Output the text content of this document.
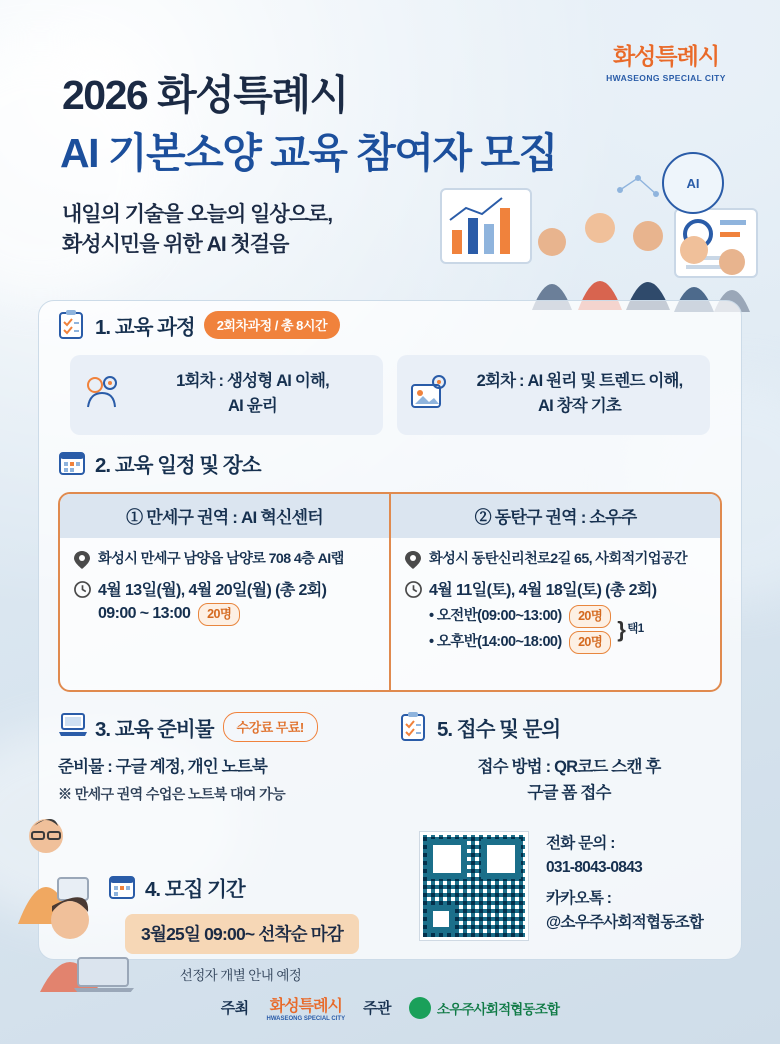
화성특례시
HWASEONG SPECIAL CITY
2026 화성특례시
AI 기본소양 교육 참여자 모집
내일의 기술을 오늘의 일상으로,
화성시민을 위한 AI 첫걸음
AI
1. 교육 과정	2회차과정 / 총 8시간
1회차 : 생성형 AI 이해,
AI 윤리
2회차 : AI 원리 및 트렌드 이해,
AI 창작 기초
2. 교육 일정 및 장소
① 만세구 권역 : AI 혁신센터
화성시 만세구 남양읍 남양로 708 4층 AI랩
4월 13일(월), 4월 20일(월) (총 2회)
09:00 ~ 13:00 20명
② 동탄구 권역 : 소우주
화성시 동탄신리천로2길 65, 사회적기업공간
4월 11일(토), 4월 18일(토) (총 2회)
• 오전반(09:00~13:00) 20명
• 오후반(14:00~18:00) 20명
} 택1
3. 교육 준비물	수강료 무료!
준비물 : 구글 계정, 개인 노트북
※ 만세구 권역 수업은 노트북 대여 가능
5. 접수 및 문의
접수 방법 : QR코드 스캔 후
구글 폼 접수
전화 문의 :
031-8043-0843
카카오톡 :
@소우주사회적협동조합
4. 모집 기간
3월25일 09:00~ 선착순 마감
선정자 개별 안내 예정
주최 화성특례시
HWASEONG SPECIAL CITY
주관	소우주사회적협동조합
